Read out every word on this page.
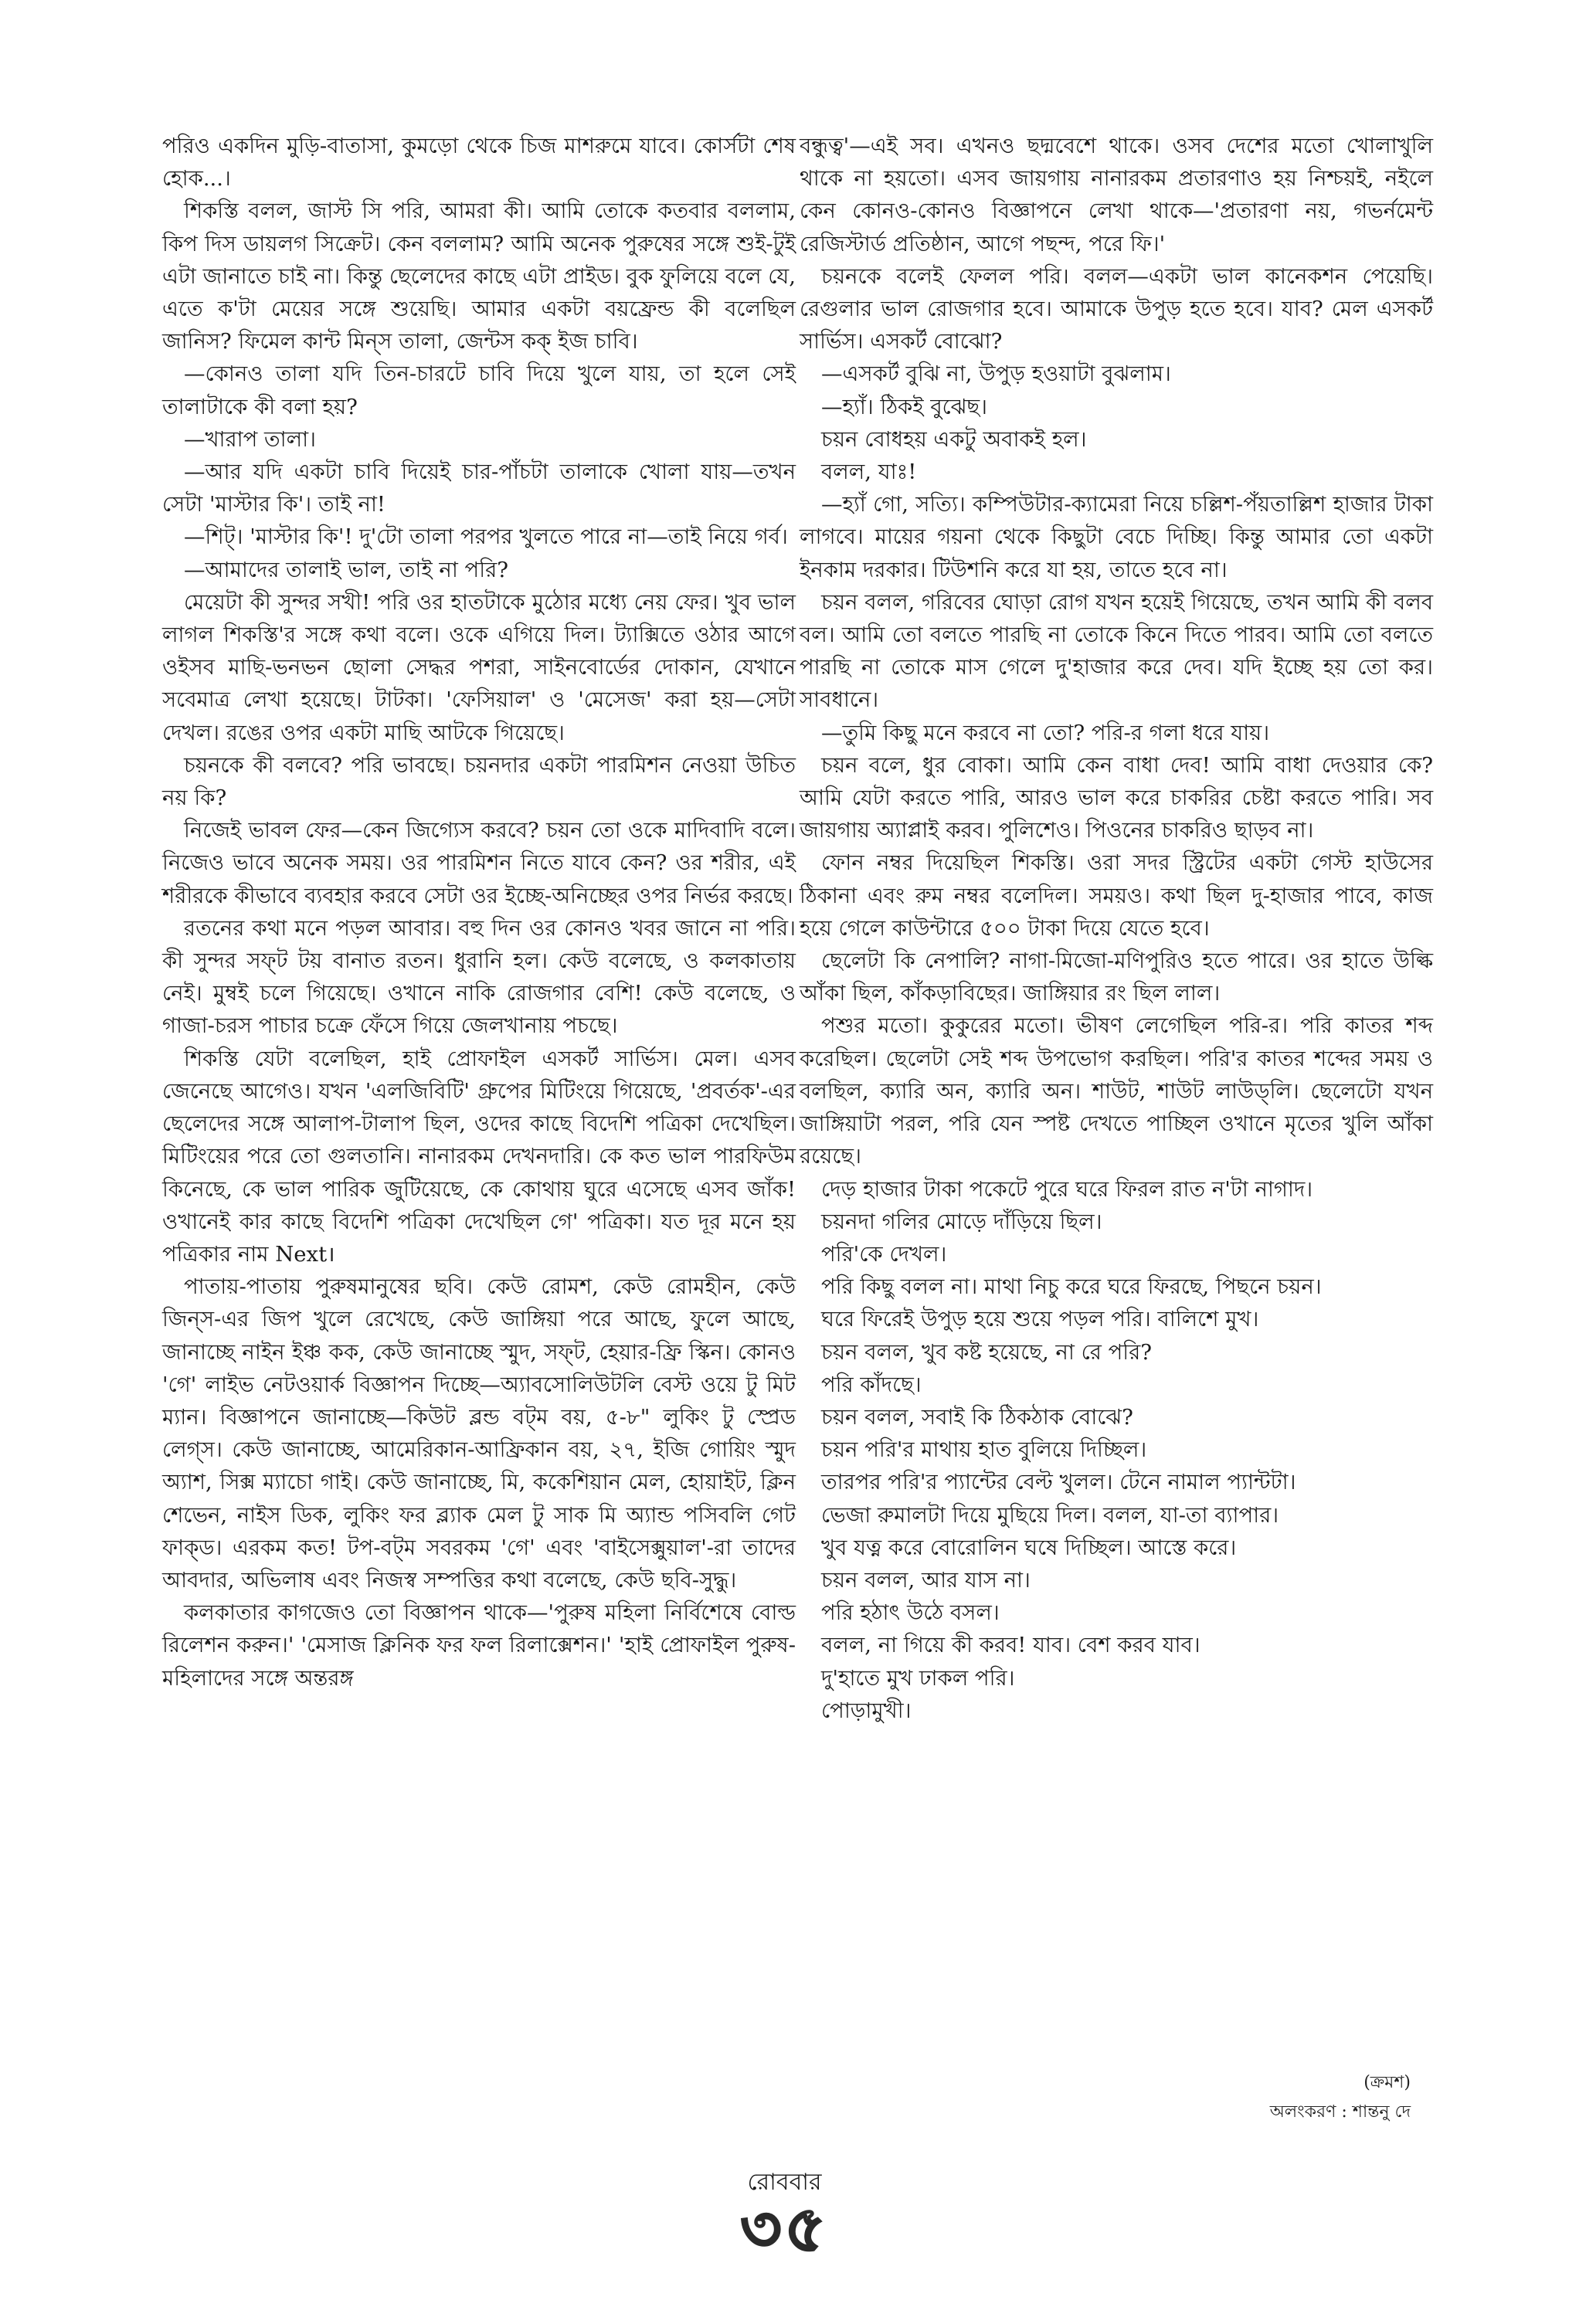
পরিও একদিন মুড়ি-বাতাসা, কুমড়ো থেকে চিজ মাশরুমে যাবে। কোর্সটা শেষ হোক...।

শিকস্তি বলল, জাস্ট সি পরি, আমরা কী। আমি তোকে কতবার বললাম, কিপ দিস ডায়লগ সিক্রেট। কেন বললাম? আমি অনেক পুরুষের সঙ্গে শুই-টুই এটা জানাতে চাই না। কিন্তু ছেলেদের কাছে এটা প্রাইড। বুক ফুলিয়ে বলে যে, এতে ক'টা মেয়ের সঙ্গে শুয়েছি। আমার একটা বয়ফ্রেন্ড কী বলেছিল জানিস? ফিমেল কান্ট মিন্‌স তালা, জেন্টস কক্‌ ইজ চাবি।

—কোনও তালা যদি তিন-চারটে চাবি দিয়ে খুলে যায়, তা হলে সেই তালাটাকে কী বলা হয়?

—খারাপ তালা।

—আর যদি একটা চাবি দিয়েই চার-পাঁচটা তালাকে খোলা যায়—তখন সেটা 'মাস্টার কি'। তাই না!

—শিট্‌। 'মাস্টার কি'! দু'টো তালা পরপর খুলতে পারে না—তাই নিয়ে গর্ব।

—আমাদের তালাই ভাল, তাই না পরি?

মেয়েটা কী সুন্দর সখী! পরি ওর হাতটাকে মুঠোর মধ্যে নেয় ফের। খুব ভাল লাগল শিকস্তি'র সঙ্গে কথা বলে। ওকে এগিয়ে দিল। ট্যাক্সিতে ওঠার আগে ওইসব মাছি-ভনভন ছোলা সেদ্ধর পশরা, সাইনবোর্ডের দোকান, যেখানে সবেমাত্র লেখা হয়েছে। টাটকা। 'ফেসিয়াল' ও 'মেসেজ' করা হয়—সেটা দেখল। রঙের ওপর একটা মাছি আটকে গিয়েছে।

চয়নকে কী বলবে? পরি ভাবছে। চয়নদার একটা পারমিশন নেওয়া উচিত নয় কি?

নিজেই ভাবল ফের—কেন জিগ্যেস করবে? চয়ন তো ওকে মাদিবাদি বলে। নিজেও ভাবে অনেক সময়। ওর পারমিশন নিতে যাবে কেন? ওর শরীর, এই শরীরকে কীভাবে ব্যবহার করবে সেটা ওর ইচ্ছে-অনিচ্ছের ওপর নির্ভর করছে।

রতনের কথা মনে পড়ল আবার। বহু দিন ওর কোনও খবর জানে না পরি। কী সুন্দর সফ্‌ট টয় বানাত রতন। ধুরানি হল। কেউ বলেছে, ও কলকাতায় নেই। মুম্বই চলে গিয়েছে। ওখানে নাকি রোজগার বেশি! কেউ বলেছে, ও গাজা-চরস পাচার চক্রে ফেঁসে গিয়ে জেলখানায় পচছে।

শিকস্তি যেটা বলেছিল, হাই প্রোফাইল এসকর্ট সার্ভিস। মেল। এসব জেনেছে আগেও। যখন 'এলজিবিটি' গ্রুপের মিটিংয়ে গিয়েছে, 'প্রবর্তক'-এর ছেলেদের সঙ্গে আলাপ-টালাপ ছিল, ওদের কাছে বিদেশি পত্রিকা দেখেছিল। মিটিংয়ের পরে তো গুলতানি। নানারকম দেখনদারি। কে কত ভাল পারফিউম কিনেছে, কে ভাল পারিক জুটিয়েছে, কে কোথায় ঘুরে এসেছে এসব জাঁক! ওখানেই কার কাছে বিদেশি পত্রিকা দেখেছিল গে' পত্রিকা। যত দূর মনে হয় পত্রিকার নাম Next।

পাতায়-পাতায় পুরুষমানুষের ছবি। কেউ রোমশ, কেউ রোমহীন, কেউ জিন্‌স-এর জিপ খুলে রেখেছে, কেউ জাঙ্গিয়া পরে আছে, ফুলে আছে, জানাচ্ছে নাইন ইঞ্চ কক, কেউ জানাচ্ছে স্মুদ, সফ্‌ট, হেয়ার-ফ্রি স্কিন। কোনও 'গে' লাইভ নেটওয়ার্ক বিজ্ঞাপন দিচ্ছে—অ্যাবসোলিউটলি বেস্ট ওয়ে টু মিট ম্যান। বিজ্ঞাপনে জানাচ্ছে—কিউট ব্লন্ড বট্‌ম বয়, ৫-৮" লুকিং টু স্প্রেড লেগ্‌স। কেউ জানাচ্ছে, আমেরিকান-আফ্রিকান বয়, ২৭, ইজি গোয়িং স্মুদ অ্যাশ, সিক্স ম্যাচো গাই। কেউ জানাচ্ছে, মি, ককেশিয়ান মেল, হোয়াইট, ক্লিন শেভেন, নাইস ডিক, লুকিং ফর ব্ল্যাক মেল টু সাক মি অ্যান্ড পসিবলি গেট ফাক্‌ড। এরকম কত! টপ-বট্‌ম সবরকম 'গে' এবং 'বাইসেক্সুয়াল'-রা তাদের আবদার, অভিলাষ এবং নিজস্ব সম্পত্তির কথা বলেছে, কেউ ছবি-সুদ্ধু।

কলকাতার কাগজেও তো বিজ্ঞাপন থাকে—'পুরুষ মহিলা নির্বিশেষে বোল্ড রিলেশন করুন।' 'মেসাজ ক্লিনিক ফর ফল রিলাক্সেশন।' 'হাই প্রোফাইল পুরুষ-মহিলাদের সঙ্গে অন্তরঙ্গ

বন্ধুত্ব'—এই সব। এখনও ছদ্মবেশে থাকে। ওসব দেশের মতো খোলাখুলি থাকে না হয়তো। এসব জায়গায় নানারকম প্রতারণাও হয় নিশ্চয়ই, নইলে কেন কোনও-কোনও বিজ্ঞাপনে লেখা থাকে—'প্রতারণা নয়, গভর্নমেন্ট রেজিস্টার্ড প্রতিষ্ঠান, আগে পছন্দ, পরে ফি।'

চয়নকে বলেই ফেলল পরি। বলল—একটা ভাল কানেকশন পেয়েছি। রেগুলার ভাল রোজগার হবে। আমাকে উপুড় হতে হবে। যাব? মেল এসকর্ট সার্ভিস। এসকর্ট বোঝো?

—এসকর্ট বুঝি না, উপুড় হওয়াটা বুঝলাম।

—হ্যাঁ। ঠিকই বুঝেছ।

চয়ন বোধহয় একটু অবাকই হল।

বলল, যাঃ!

—হ্যাঁ গো, সত্যি। কম্পিউটার-ক্যামেরা নিয়ে চল্লিশ-পঁয়তাল্লিশ হাজার টাকা লাগবে। মায়ের গয়না থেকে কিছুটা বেচে দিচ্ছি। কিন্তু আমার তো একটা ইনকাম দরকার। টিউশনি করে যা হয়, তাতে হবে না।

চয়ন বলল, গরিবের ঘোড়া রোগ যখন হয়েই গিয়েছে, তখন আমি কী বলব বল। আমি তো বলতে পারছি না তোকে কিনে দিতে পারব। আমি তো বলতে পারছি না তোকে মাস গেলে দু'হাজার করে দেব। যদি ইচ্ছে হয় তো কর। সাবধানে।

—তুমি কিছু মনে করবে না তো? পরি-র গলা ধরে যায়।

চয়ন বলে, ধুর বোকা। আমি কেন বাধা দেব! আমি বাধা দেওয়ার কে? আমি যেটা করতে পারি, আরও ভাল করে চাকরির চেষ্টা করতে পারি। সব জায়গায় অ্যাপ্লাই করব। পুলিশেও। পিওনের চাকরিও ছাড়ব না।

ফোন নম্বর দিয়েছিল শিকস্তি। ওরা সদর স্ট্রিটের একটা গেস্ট হাউসের ঠিকানা এবং রুম নম্বর বলেদিল। সময়ও। কথা ছিল দু-হাজার পাবে, কাজ হয়ে গেলে কাউন্টারে ৫০০ টাকা দিয়ে যেতে হবে।

ছেলেটা কি নেপালি? নাগা-মিজো-মণিপুরিও হতে পারে। ওর হাতে উল্কি আঁকা ছিল, কাঁকড়াবিছের। জাঙ্গিয়ার রং ছিল লাল।

পশুর মতো। কুকুরের মতো। ভীষণ লেগেছিল পরি-র। পরি কাতর শব্দ করেছিল। ছেলেটা সেই শব্দ উপভোগ করছিল। পরি'র কাতর শব্দের সময় ও বলছিল, ক্যারি অন, ক্যারি অন। শাউট, শাউট লাউড্‌লি। ছেলেটো যখন জাঙ্গিয়াটা পরল, পরি যেন স্পষ্ট দেখতে পাচ্ছিল ওখানে মৃতের খুলি আঁকা রয়েছে।

দেড় হাজার টাকা পকেটে পুরে ঘরে ফিরল রাত ন'টা নাগাদ।

চয়নদা গলির মোড়ে দাঁড়িয়ে ছিল।

পরি'কে দেখল।

পরি কিছু বলল না। মাথা নিচু করে ঘরে ফিরছে, পিছনে চয়ন।

ঘরে ফিরেই উপুড় হয়ে শুয়ে পড়ল পরি। বালিশে মুখ।

চয়ন বলল, খুব কষ্ট হয়েছে, না রে পরি?

পরি কাঁদছে।

চয়ন বলল, সবাই কি ঠিকঠাক বোঝে?

চয়ন পরি'র মাথায় হাত বুলিয়ে দিচ্ছিল।

তারপর পরি'র প্যান্টের বেল্ট খুলল। টেনে নামাল প্যান্টটা।

ভেজা রুমালটা দিয়ে মুছিয়ে দিল। বলল, যা-তা ব্যাপার।

খুব যত্ন করে বোরোলিন ঘষে দিচ্ছিল। আস্তে করে।

চয়ন বলল, আর যাস না।

পরি হঠাৎ উঠে বসল।

বলল, না গিয়ে কী করব! যাব। বেশ করব যাব।

দু'হাতে মুখ ঢাকল পরি।

পোড়ামুখী।

(ক্রমশ)
অলংকরণ : শান্তনু দে
রোববার
৩৫
